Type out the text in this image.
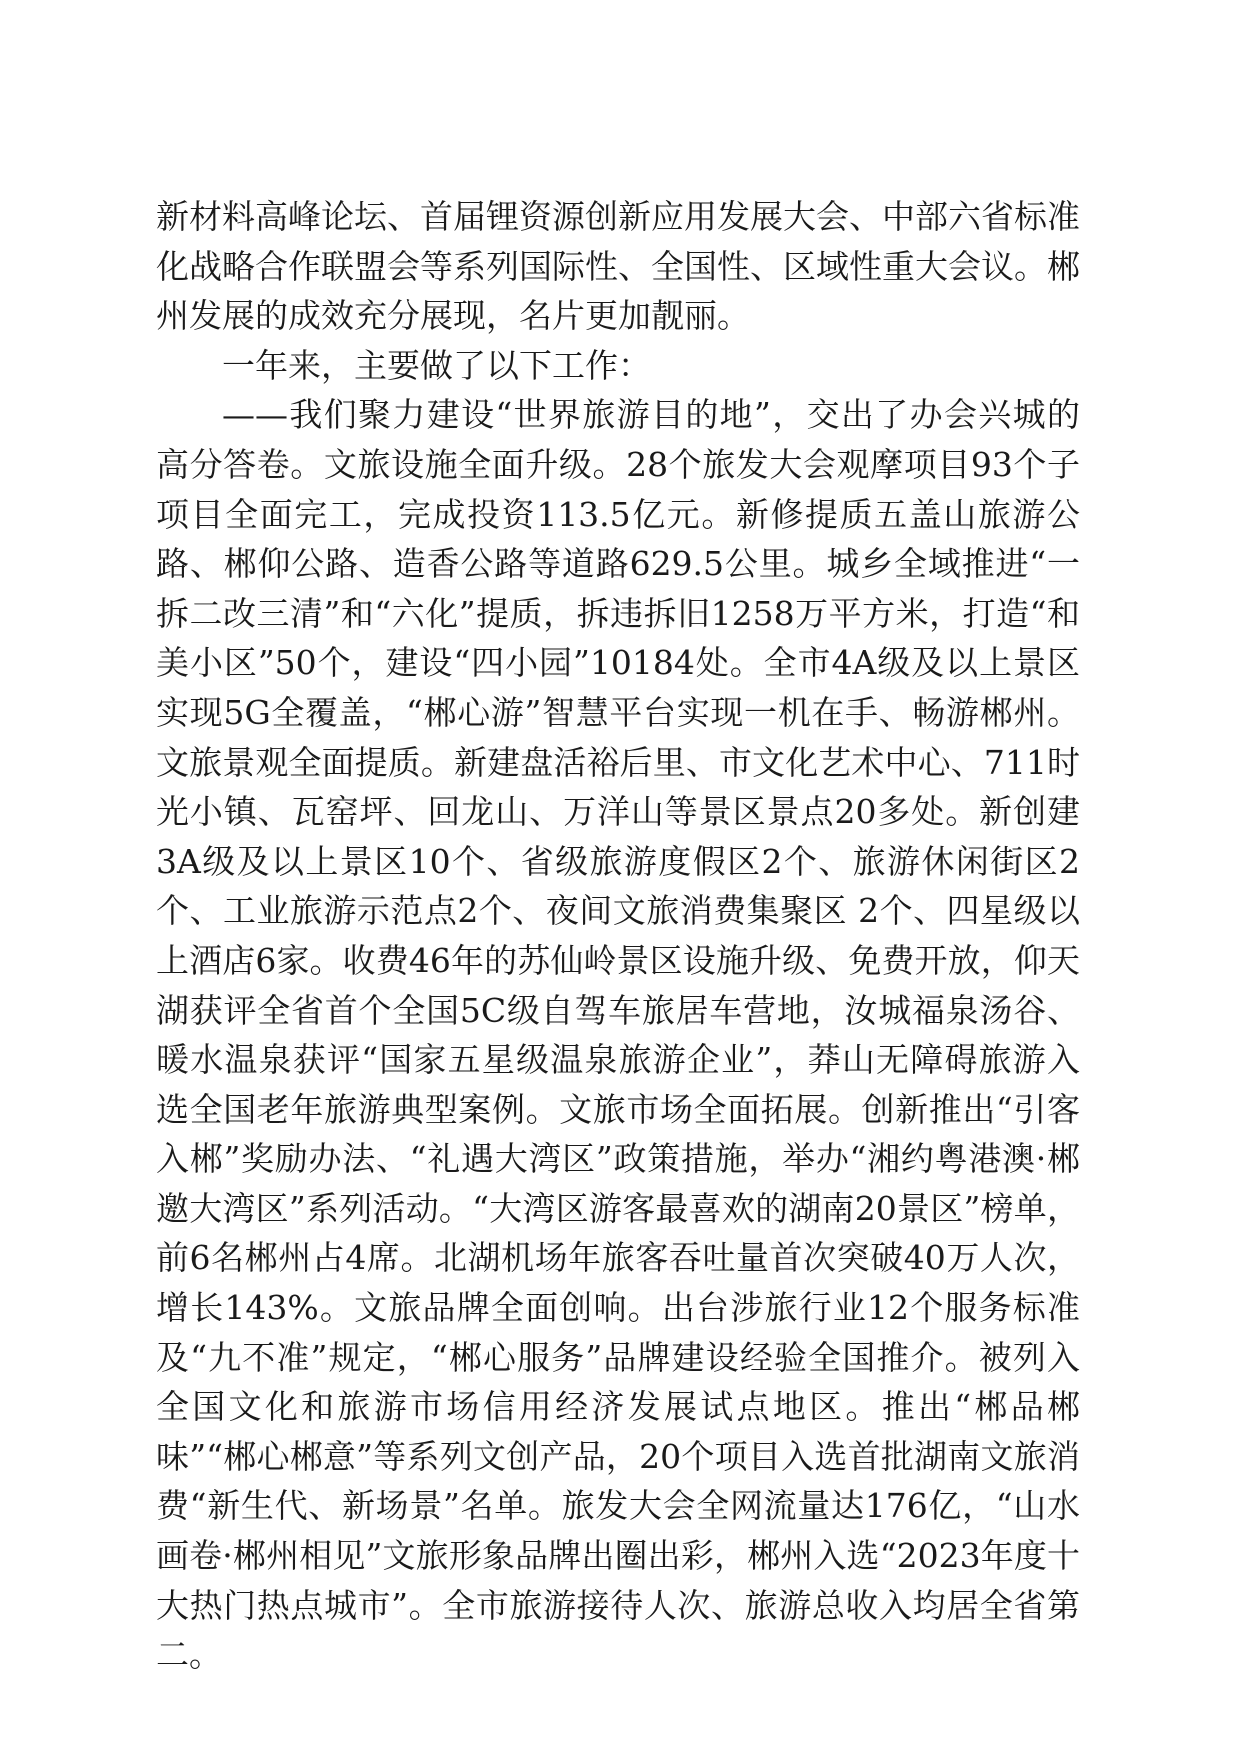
新材料高峰论坛、首届锂资源创新应用发展大会、中部六省标准化战略合作联盟会等系列国际性、全国性、区域性重大会议。郴州发展的成效充分展现，名片更加靓丽。

一年来，主要做了以下工作：

——我们聚力建设“世界旅游目的地”，交出了办会兴城的高分答卷。文旅设施全面升级。28个旅发大会观摩项目93个子项目全面完工，完成投资113.5亿元。新修提质五盖山旅游公路、郴仰公路、造香公路等道路629.5公里。城乡全域推进“一拆二改三清”和“六化”提质，拆违拆旧1258万平方米，打造“和美小区”50个，建设“四小园”10184处。全市4A级及以上景区实现5G全覆盖，“郴心游”智慧平台实现一机在手、畅游郴州。文旅景观全面提质。新建盘活裕后里、市文化艺术中心、711时光小镇、瓦窑坪、回龙山、万洋山等景区景点20多处。新创建3A级及以上景区10个、省级旅游度假区2个、旅游休闲街区2个、工业旅游示范点2个、夜间文旅消费集聚区 2个、四星级以上酒店6家。收费46年的苏仙岭景区设施升级、免费开放，仰天湖获评全省首个全国5C级自驾车旅居车营地，汝城福泉汤谷、暖水温泉获评“国家五星级温泉旅游企业”，莽山无障碍旅游入选全国老年旅游典型案例。文旅市场全面拓展。创新推出“引客入郴”奖励办法、“礼遇大湾区”政策措施，举办“湘约粤港澳·郴邀大湾区”系列活动。“大湾区游客最喜欢的湖南20景区”榜单，前6名郴州占4席。北湖机场年旅客吞吐量首次突破40万人次，增长143%。文旅品牌全面创响。出台涉旅行业12个服务标准及“九不准”规定，“郴心服务”品牌建设经验全国推介。被列入全国文化和旅游市场信用经济发展试点地区。推出“郴品郴味”“郴心郴意”等系列文创产品，20个项目入选首批湖南文旅消费“新生代、新场景”名单。旅发大会全网流量达176亿，“山水画卷·郴州相见”文旅形象品牌出圈出彩，郴州入选“2023年度十大热门热点城市”。全市旅游接待人次、旅游总收入均居全省第二。
